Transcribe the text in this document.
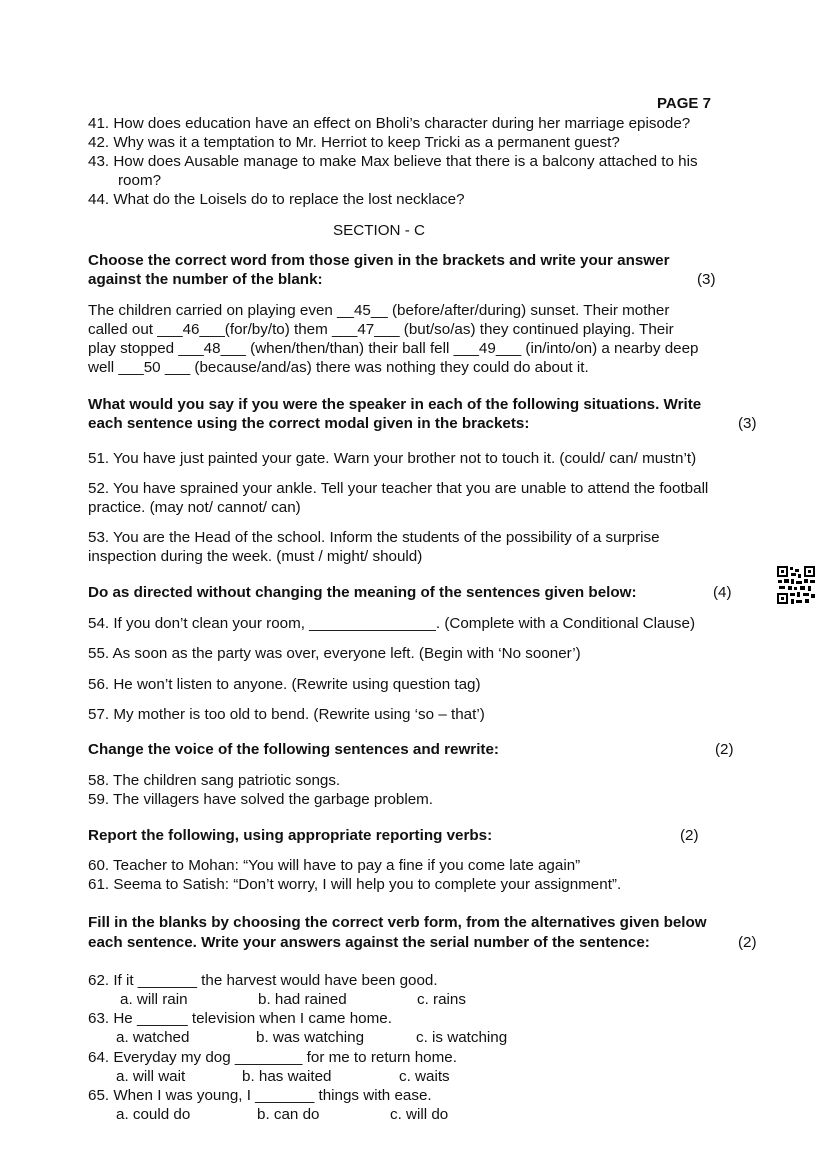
PAGE 7
41. How does education have an effect on Bholi’s character during her marriage episode?
42. Why was it a temptation to Mr. Herriot to keep Tricki as a permanent guest?
43. How does Ausable manage to make Max believe that there is a balcony attached to his
room?
44. What do the Loisels do to replace the lost necklace?
SECTION - C
Choose the correct word from those given in the brackets and write your answer
against the number of the blank:	(3)
The children carried on playing even __45__ (before/after/during) sunset. Their mother
called out ___46___(for/by/to) them ___47___ (but/so/as) they continued playing. Their
play stopped ___48___ (when/then/than) their ball fell ___49___ (in/into/on) a nearby deep
well ___50 ___ (because/and/as) there was nothing they could do about it.
What would you say if you were the speaker in each of the following situations. Write
each sentence using the correct modal given in the brackets:	(3)
51. You have just painted your gate. Warn your brother not to touch it. (could/ can/ mustn’t)
52. You have sprained your ankle. Tell your teacher that you are unable to attend the football
practice. (may not/ cannot/ can)
53. You are the Head of the school. Inform the students of the possibility of a surprise
inspection during the week. (must / might/ should)
Do as directed without changing the meaning of the sentences given below:	(4)
54. If you don’t clean your room, _______________. (Complete with a Conditional Clause)
55. As soon as the party was over, everyone left. (Begin with ‘No sooner’)
56. He won’t listen to anyone. (Rewrite using question tag)
57. My mother is too old to bend. (Rewrite using ‘so – that’)
Change the voice of the following sentences and rewrite:	(2)
58. The children sang patriotic songs.
59. The villagers have solved the garbage problem.
Report the following, using appropriate reporting verbs:	(2)
60. Teacher to Mohan: “You will have to pay a fine if you come late again”
61. Seema to Satish: “Don’t worry, I will help you to complete your assignment”.
Fill in the blanks by choosing the correct verb form, from the alternatives given below
each sentence. Write your answers against the serial number of the sentence:	(2)
62. If it _______ the harvest would have been good.
a. will rain	b. had rained	c. rains
63. He ______ television when I came home.
a. watched	b. was watching	c. is watching
64. Everyday my dog ________ for me to return home.
a. will wait	b. has waited	c. waits
65. When I was young, I _______ things with ease.
a. could do	b. can do	c. will do
